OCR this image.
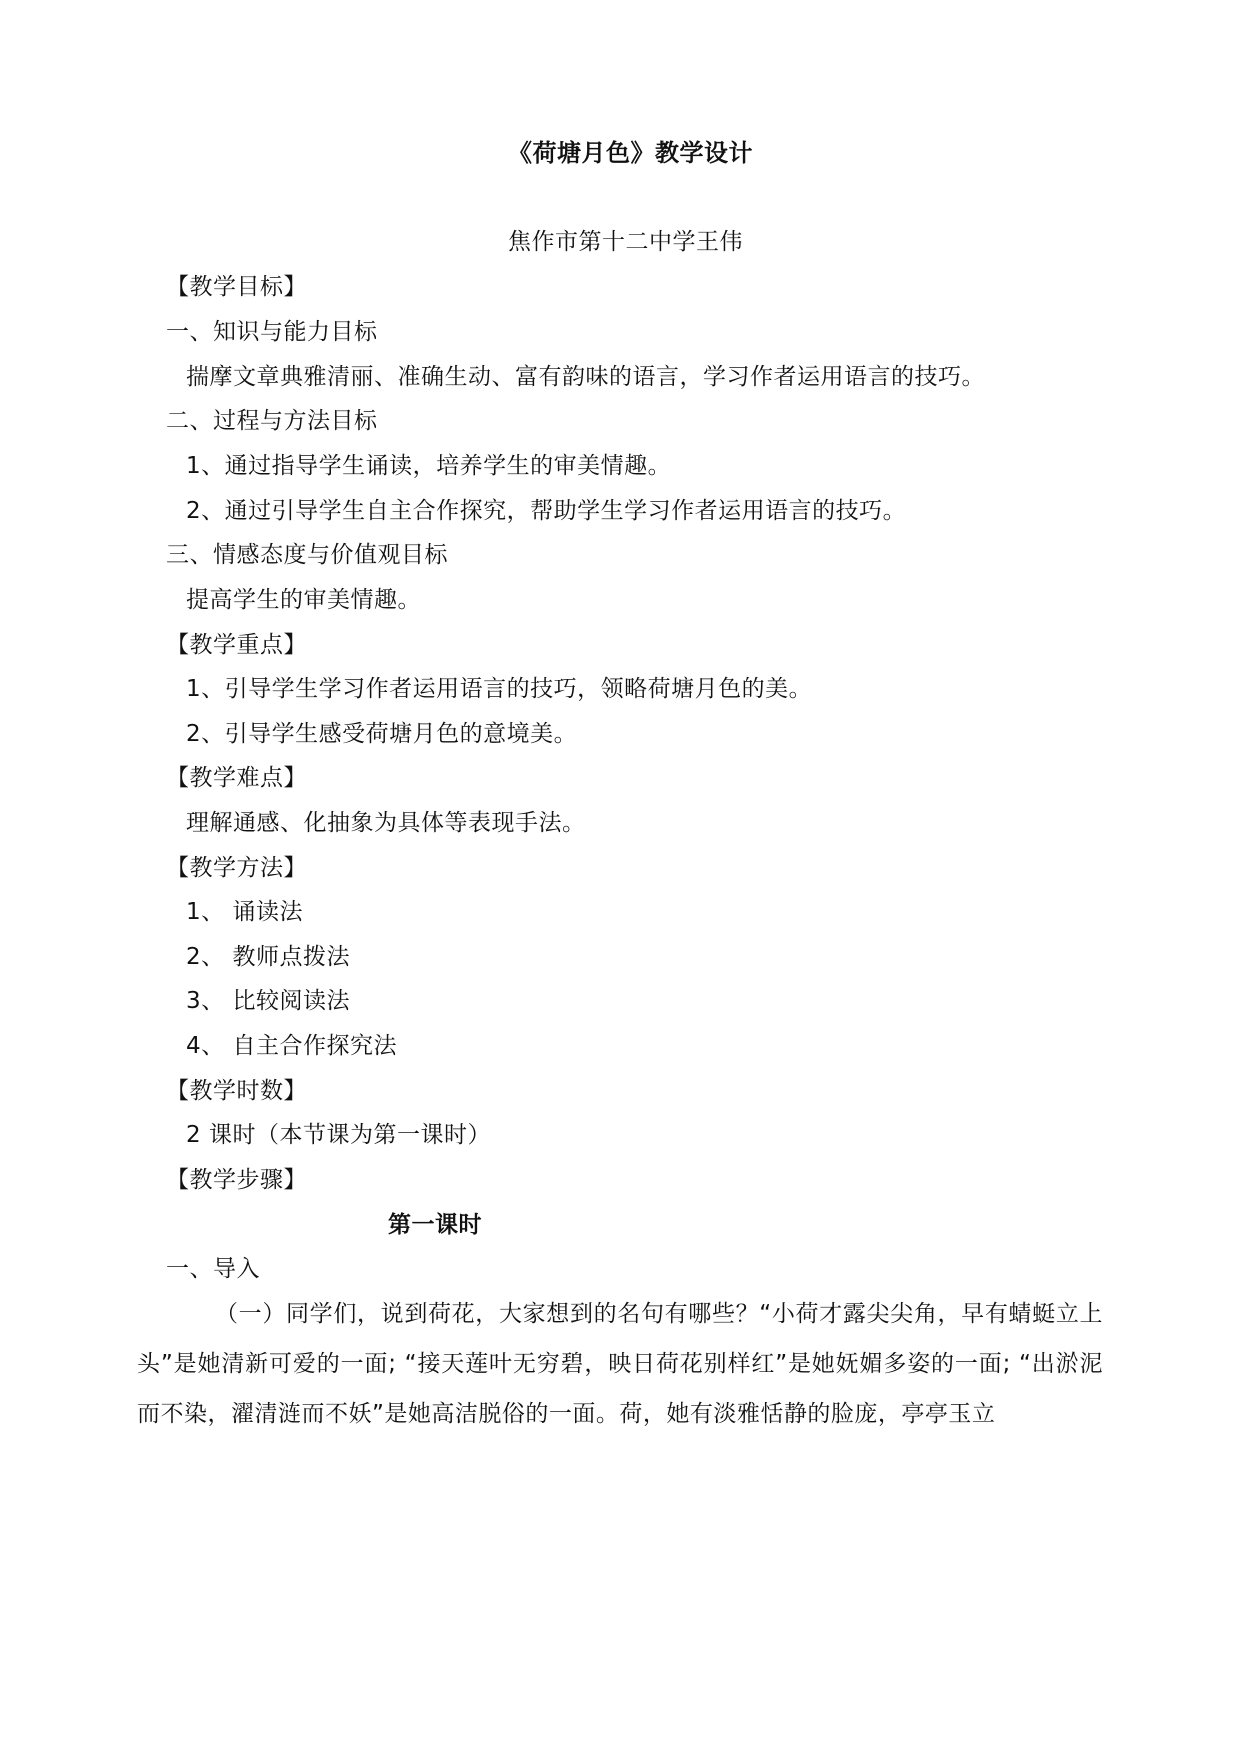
《荷塘月色》教学设计
焦作市第十二中学王伟
【教学目标】
一、知识与能力目标
揣摩文章典雅清丽、准确生动、富有韵味的语言，学习作者运用语言的技巧。
二、过程与方法目标
1、通过指导学生诵读，培养学生的审美情趣。
2、通过引导学生自主合作探究，帮助学生学习作者运用语言的技巧。
三、情感态度与价值观目标
提高学生的审美情趣。
【教学重点】
1、引导学生学习作者运用语言的技巧，领略荷塘月色的美。
2、引导学生感受荷塘月色的意境美。
【教学难点】
理解通感、化抽象为具体等表现手法。
【教学方法】
1、 诵读法
2、 教师点拨法
3、 比较阅读法
4、 自主合作探究法
【教学时数】
2 课时（本节课为第一课时）
【教学步骤】
第一课时
一、导入
（一）同学们，说到荷花，大家想到的名句有哪些？“小荷才露尖尖角，早有蜻蜓立上头”是她清新可爱的一面; “接天莲叶无穷碧，映日荷花别样红”是她妩媚多姿的一面; “出淤泥而不染，濯清涟而不妖”是她高洁脱俗的一面。荷，她有淡雅恬静的脸庞，亭亭玉立
